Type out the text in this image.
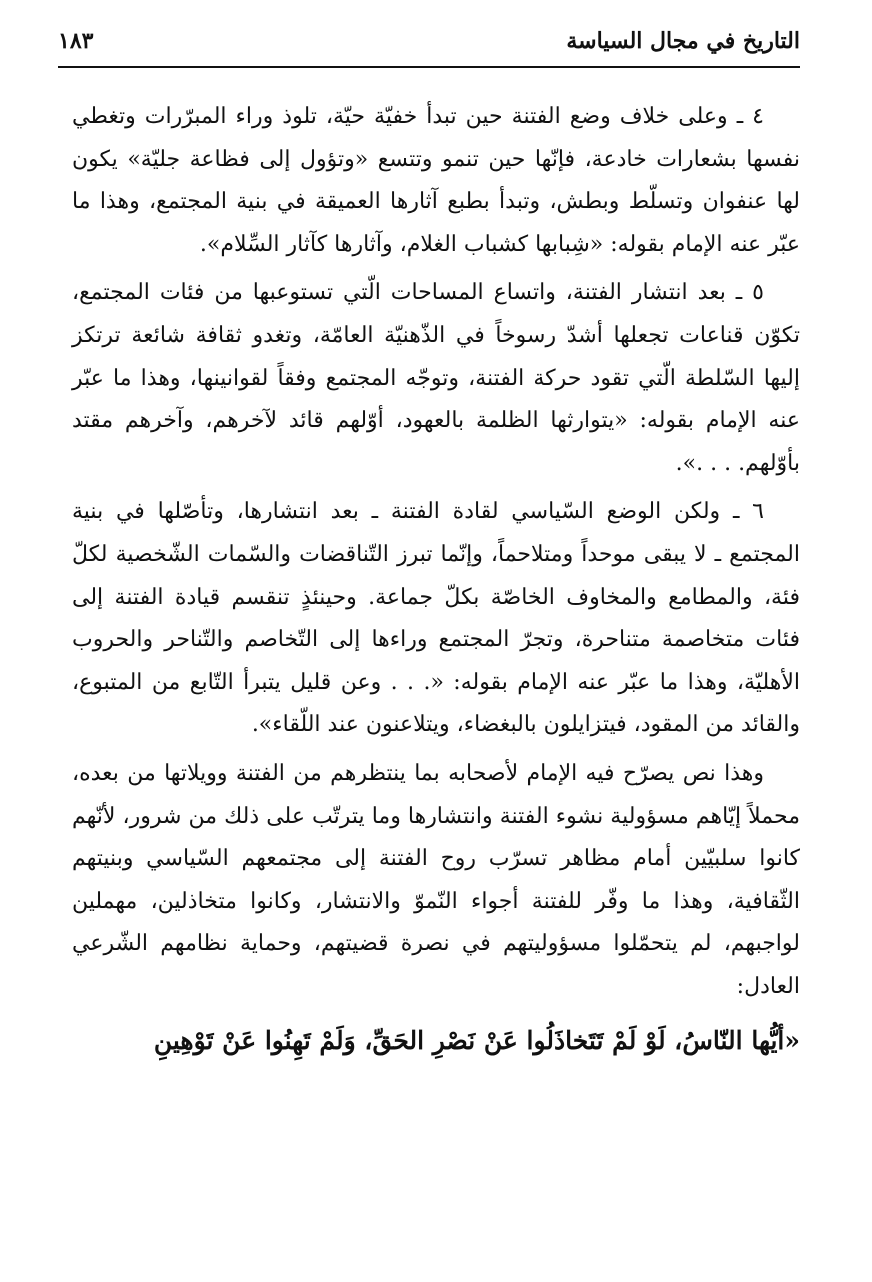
التاريخ في مجال السياسة
١٨٣

٤ ـ وعلى خلاف وضع الفتنة حين تبدأ خفيّة حيّة، تلوذ وراء المبرّرات وتغطي نفسها بشعارات خادعة، فإنّها حين تنمو وتتسع «وتؤول إلى فظاعة جليّة» يكون لها عنفوان وتسلّط وبطش، وتبدأ بطبع آثارها العميقة في بنية المجتمع، وهذا ما عبّر عنه الإمام بقوله: «شِبابها كشباب الغلام، وآثارها كآثار السِّلام».

٥ ـ بعد انتشار الفتنة، واتساع المساحات الّتي تستوعبها من فئات المجتمع، تكوّن قناعات تجعلها أشدّ رسوخاً في الذّهنيّة العامّة، وتغدو ثقافة شائعة ترتكز إليها السّلطة الّتي تقود حركة الفتنة، وتوجّه المجتمع وفقاً لقوانينها، وهذا ما عبّر عنه الإمام بقوله: «يتوارثها الظلمة بالعهود، أوّلهم قائد لآخرهم، وآخرهم مقتد بأوّلهم. . . .».

٦ ـ ولكن الوضع السّياسي لقادة الفتنة ـ بعد انتشارها، وتأصّلها في بنية المجتمع ـ لا يبقى موحداً ومتلاحماً، وإنّما تبرز التّناقضات والسّمات الشّخصية لكلّ فئة، والمطامع والمخاوف الخاصّة بكلّ جماعة. وحينئذٍ تنقسم قيادة الفتنة إلى فئات متخاصمة متناحرة، وتجرّ المجتمع وراءها إلى التّخاصم والتّناحر والحروب الأهليّة، وهذا ما عبّر عنه الإمام بقوله: «. . . وعن قليل يتبرأ التّابع من المتبوع، والقائد من المقود، فيتزايلون بالبغضاء، ويتلاعنون عند اللّقاء».

وهذا نص يصرّح فيه الإمام لأصحابه بما ينتظرهم من الفتنة وويلاتها من بعده، محملاً إيّاهم مسؤولية نشوء الفتنة وانتشارها وما يترتّب على ذلك من شرور، لأنّهم كانوا سلبيّين أمام مظاهر تسرّب روح الفتنة إلى مجتمعهم السّياسي وبنيتهم الثّقافية، وهذا ما وفّر للفتنة أجواء النّموّ والانتشار، وكانوا متخاذلين، مهملين لواجبهم، لم يتحمّلوا مسؤوليتهم في نصرة قضيتهم، وحماية نظامهم الشّرعي العادل:

«أيُّها النّاسُ، لَوْ لَمْ تَتَخاذَلُوا عَنْ نَصْرِ الحَقِّ، وَلَمْ تَهِنُوا عَنْ تَوْهِينِ
